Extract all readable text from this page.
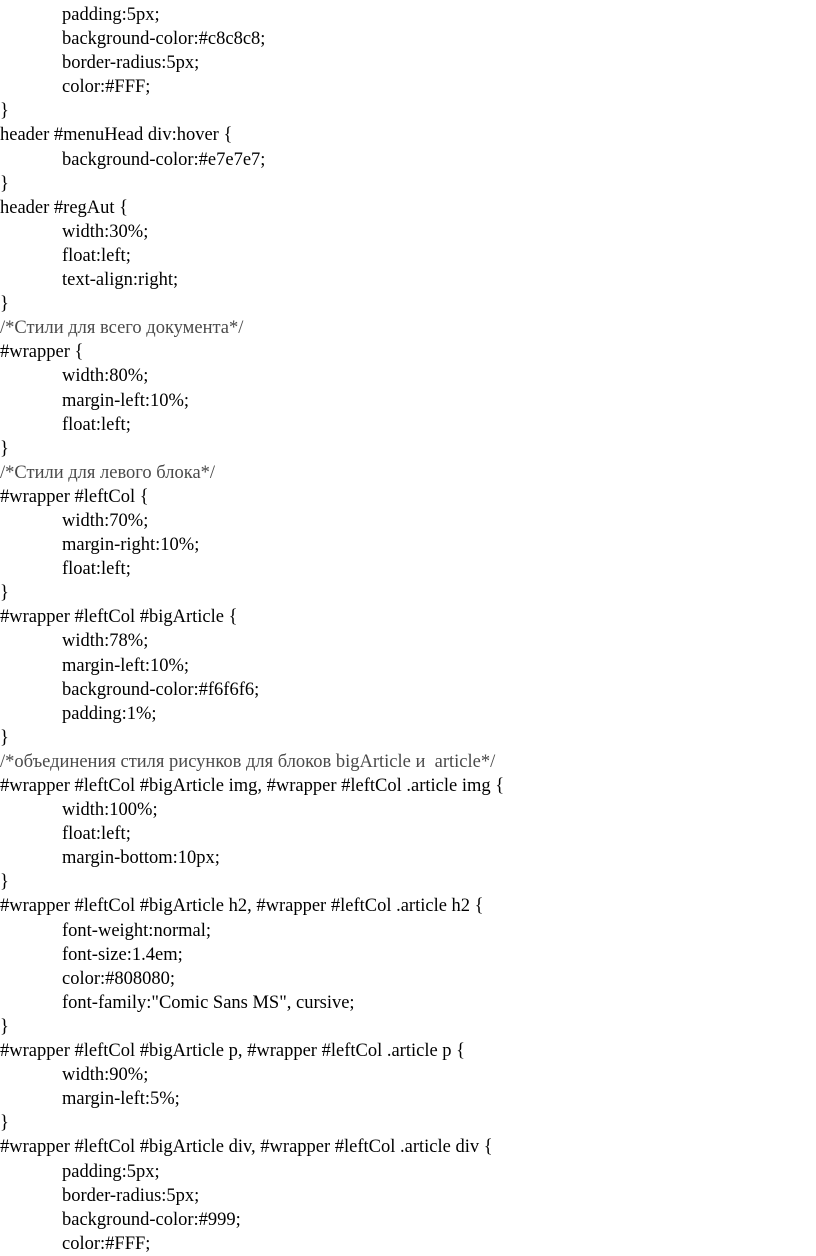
padding:5px;
background-color:#c8c8c8;
border-radius:5px;
color:#FFF;
}
header #menuHead div:hover {
background-color:#e7e7e7;
}
header #regAut {
width:30%;
float:left;
text-align:right;
}
/*Стили для всего документа*/
#wrapper {
width:80%;
margin-left:10%;
float:left;
}
/*Стили для левого блока*/
#wrapper #leftCol {
width:70%;
margin-right:10%;
float:left;
}
#wrapper #leftCol #bigArticle {
width:78%;
margin-left:10%;
background-color:#f6f6f6;
padding:1%;
}
/*объединения стиля рисунков для блоков bigArticle и  article*/
#wrapper #leftCol #bigArticle img, #wrapper #leftCol .article img {
width:100%;
float:left;
margin-bottom:10px;
}
#wrapper #leftCol #bigArticle h2, #wrapper #leftCol .article h2 {
font-weight:normal;
font-size:1.4em;
color:#808080;
font-family:"Comic Sans MS", cursive;
}
#wrapper #leftCol #bigArticle p, #wrapper #leftCol .article p {
width:90%;
margin-left:5%;
}
#wrapper #leftCol #bigArticle div, #wrapper #leftCol .article div {
padding:5px;
border-radius:5px;
background-color:#999;
color:#FFF;
